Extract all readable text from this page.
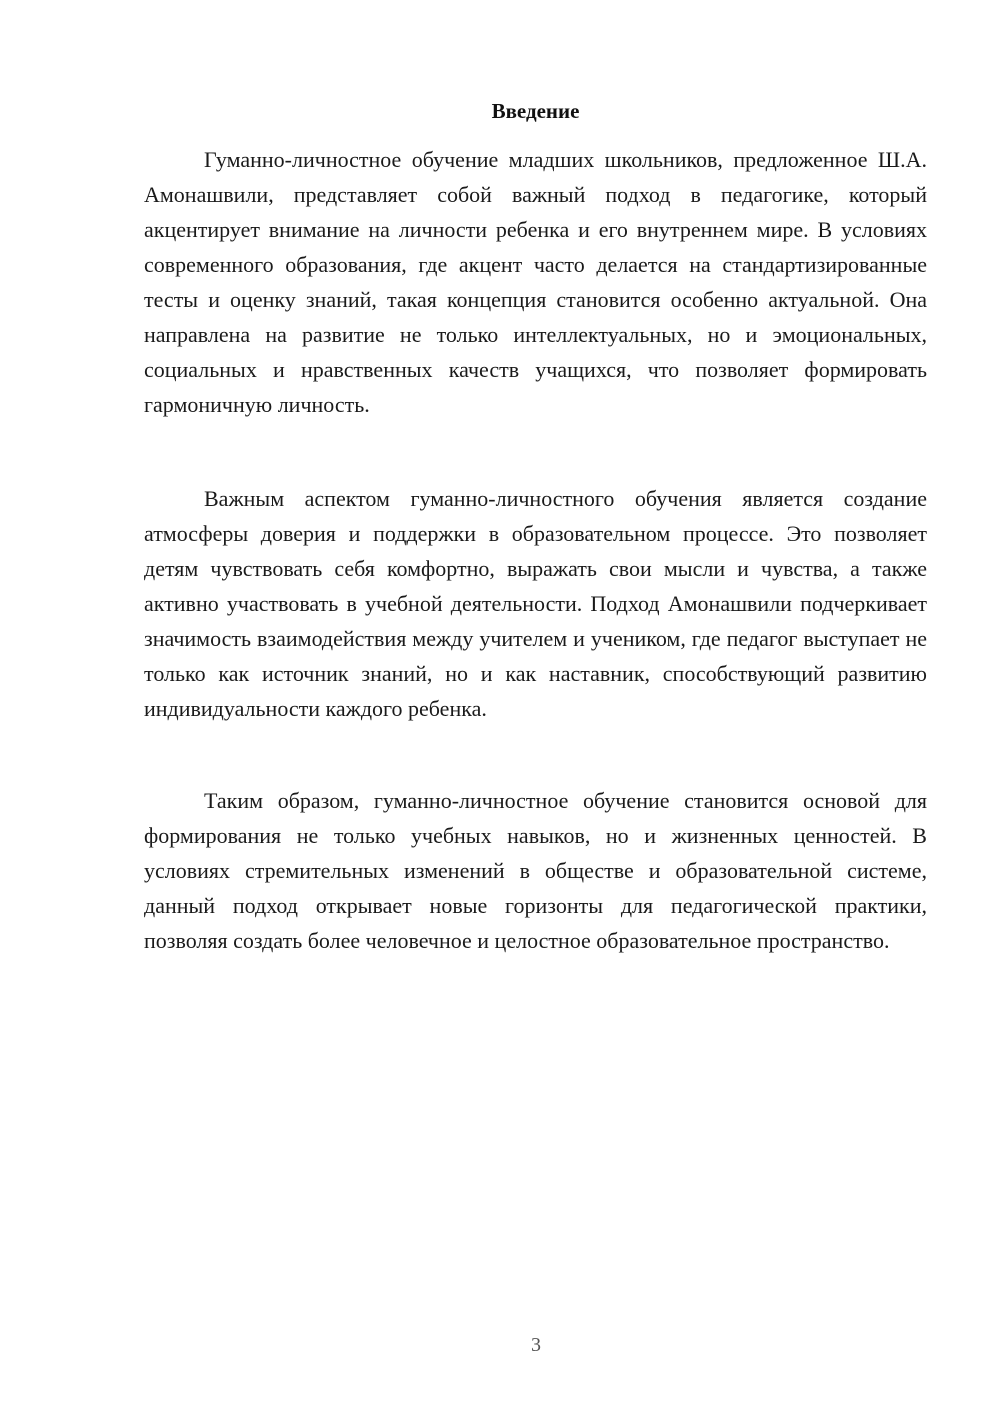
Введение

Гуманно-личностное обучение младших школьников, предложенное Ш.А. Амонашвили, представляет собой важный подход в педагогике, который акцентирует внимание на личности ребенка и его внутреннем мире. В условиях современного образования, где акцент часто делается на стандартизированные тесты и оценку знаний, такая концепция становится особенно актуальной. Она направлена на развитие не только интеллектуальных, но и эмоциональных, социальных и нравственных качеств учащихся, что позволяет формировать гармоничную личность.

Важным аспектом гуманно-личностного обучения является создание атмосферы доверия и поддержки в образовательном процессе. Это позволяет детям чувствовать себя комфортно, выражать свои мысли и чувства, а также активно участвовать в учебной деятельности. Подход Амонашвили подчеркивает значимость взаимодействия между учителем и учеником, где педагог выступает не только как источник знаний, но и как наставник, способствующий развитию индивидуальности каждого ребенка.

Таким образом, гуманно-личностное обучение становится основой для формирования не только учебных навыков, но и жизненных ценностей. В условиях стремительных изменений в обществе и образовательной системе, данный подход открывает новые горизонты для педагогической практики, позволяя создать более человечное и целостное образовательное пространство.

3
